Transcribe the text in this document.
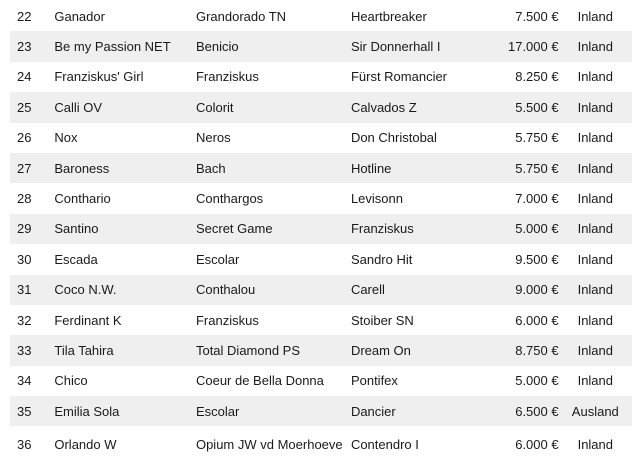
22	Ganador	Grandorado TN	Heartbreaker	7.500 €	Inland
23	Be my Passion NET	Benicio	Sir Donnerhall I	17.000 €	Inland
24	Franziskus' Girl	Franziskus	Fürst Romancier	8.250 €	Inland
25	Calli OV	Colorit	Calvados Z	5.500 €	Inland
26	Nox	Neros	Don Christobal	5.750 €	Inland
27	Baroness	Bach	Hotline	5.750 €	Inland
28	Conthario	Conthargos	Levisonn	7.000 €	Inland
29	Santino	Secret Game	Franziskus	5.000 €	Inland
30	Escada	Escolar	Sandro Hit	9.500 €	Inland
31	Coco N.W.	Conthalou	Carell	9.000 €	Inland
32	Ferdinant K	Franziskus	Stoiber SN	6.000 €	Inland
33	Tila Tahira	Total Diamond PS	Dream On	8.750 €	Inland
34	Chico	Coeur de Bella Donna	Pontifex	5.000 €	Inland
35	Emilia Sola	Escolar	Dancier	6.500 €	Ausland
36	Orlando W	Opium JW vd Moerhoeve	Contendro I	6.000 €	Inland
